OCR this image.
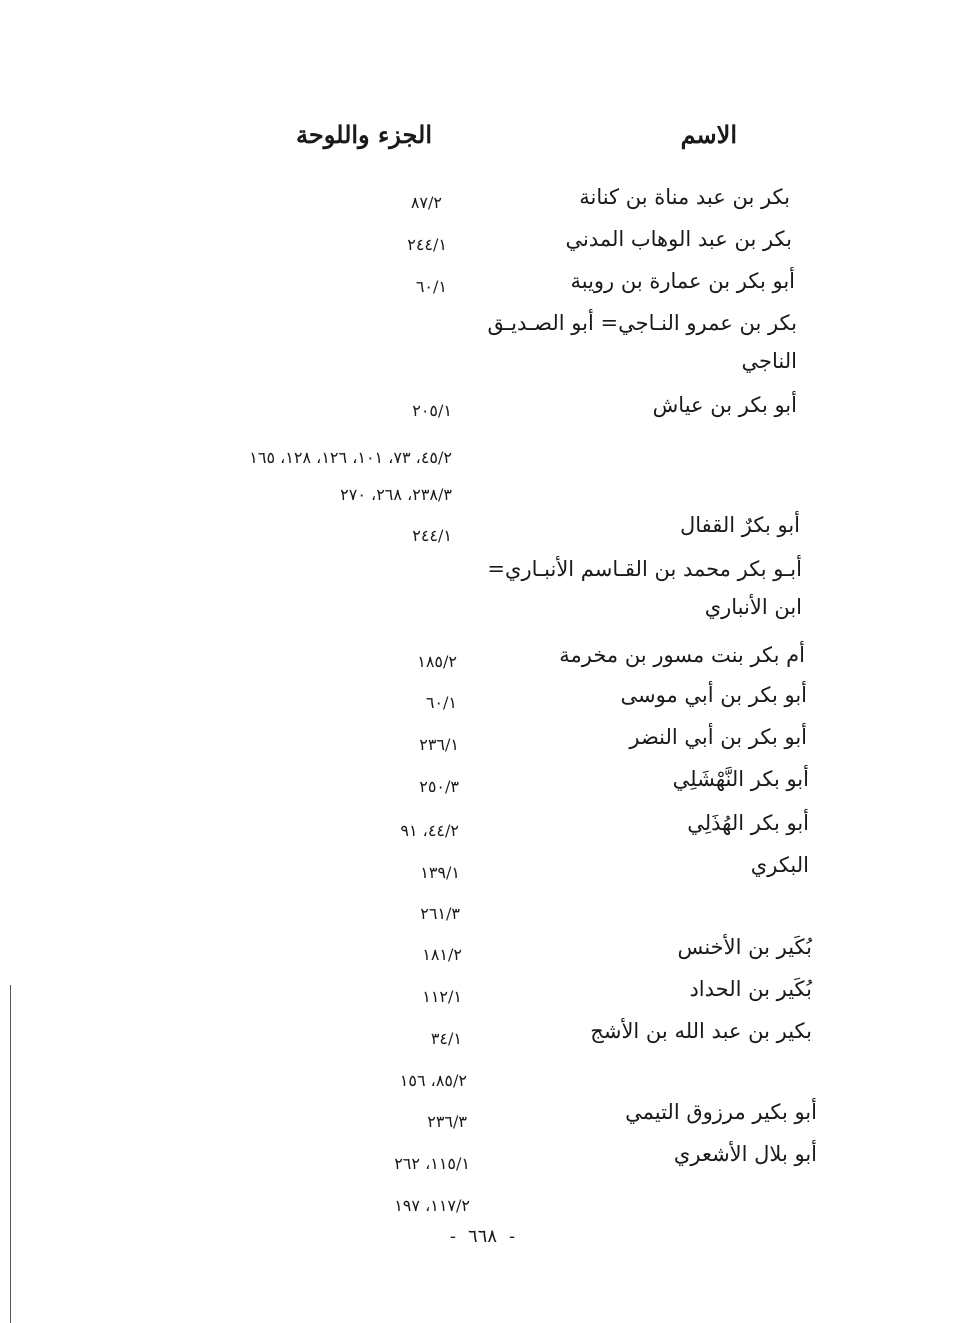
الاسم
الجزء واللوحة
بكر بن عبد مناة بن كنانة
٨٧/٢
بكر بن عبد الوهاب المدني
٢٤٤/١
أبو بكر بن عمارة بن رويبة
٦٠/١
بكر بن عمرو النـاجي= أبو الصـديـق الناجي
أبو بكر بن عياش
٢٠٥/١
٤٥/٢، ٧٣، ١٠١، ١٢٦، ١٢٨، ١٦٥
٢٣٨/٣، ٢٦٨، ٢٧٠
أبو بكرٌ القفال
٢٤٤/١
أبـو بكر محمد بن القـاسم الأنبـاري= ابن الأنباري
أم بكر بنت مسور بن مخرمة
١٨٥/٢
أبو بكر بن أبي موسى
٦٠/١
أبو بكر بن أبي النضر
٢٣٦/١
أبو بكر النَّهْشَلِي
٢٥٠/٣
أبو بكر الهُذَلِي
٤٤/٢، ٩١
البكري
١٣٩/١
٢٦١/٣
بُكَير بن الأخنس
١٨١/٢
بُكَير بن الحداد
١١٢/١
بكير بن عبد الله بن الأشج
٣٤/١
٨٥/٢، ١٥٦
أبو بكير مرزوق التيمي
٢٣٦/٣
أبو بلال الأشعري
١١٥/١، ٢٦٢
١١٧/٢، ١٩٧
-٦٦٨-
